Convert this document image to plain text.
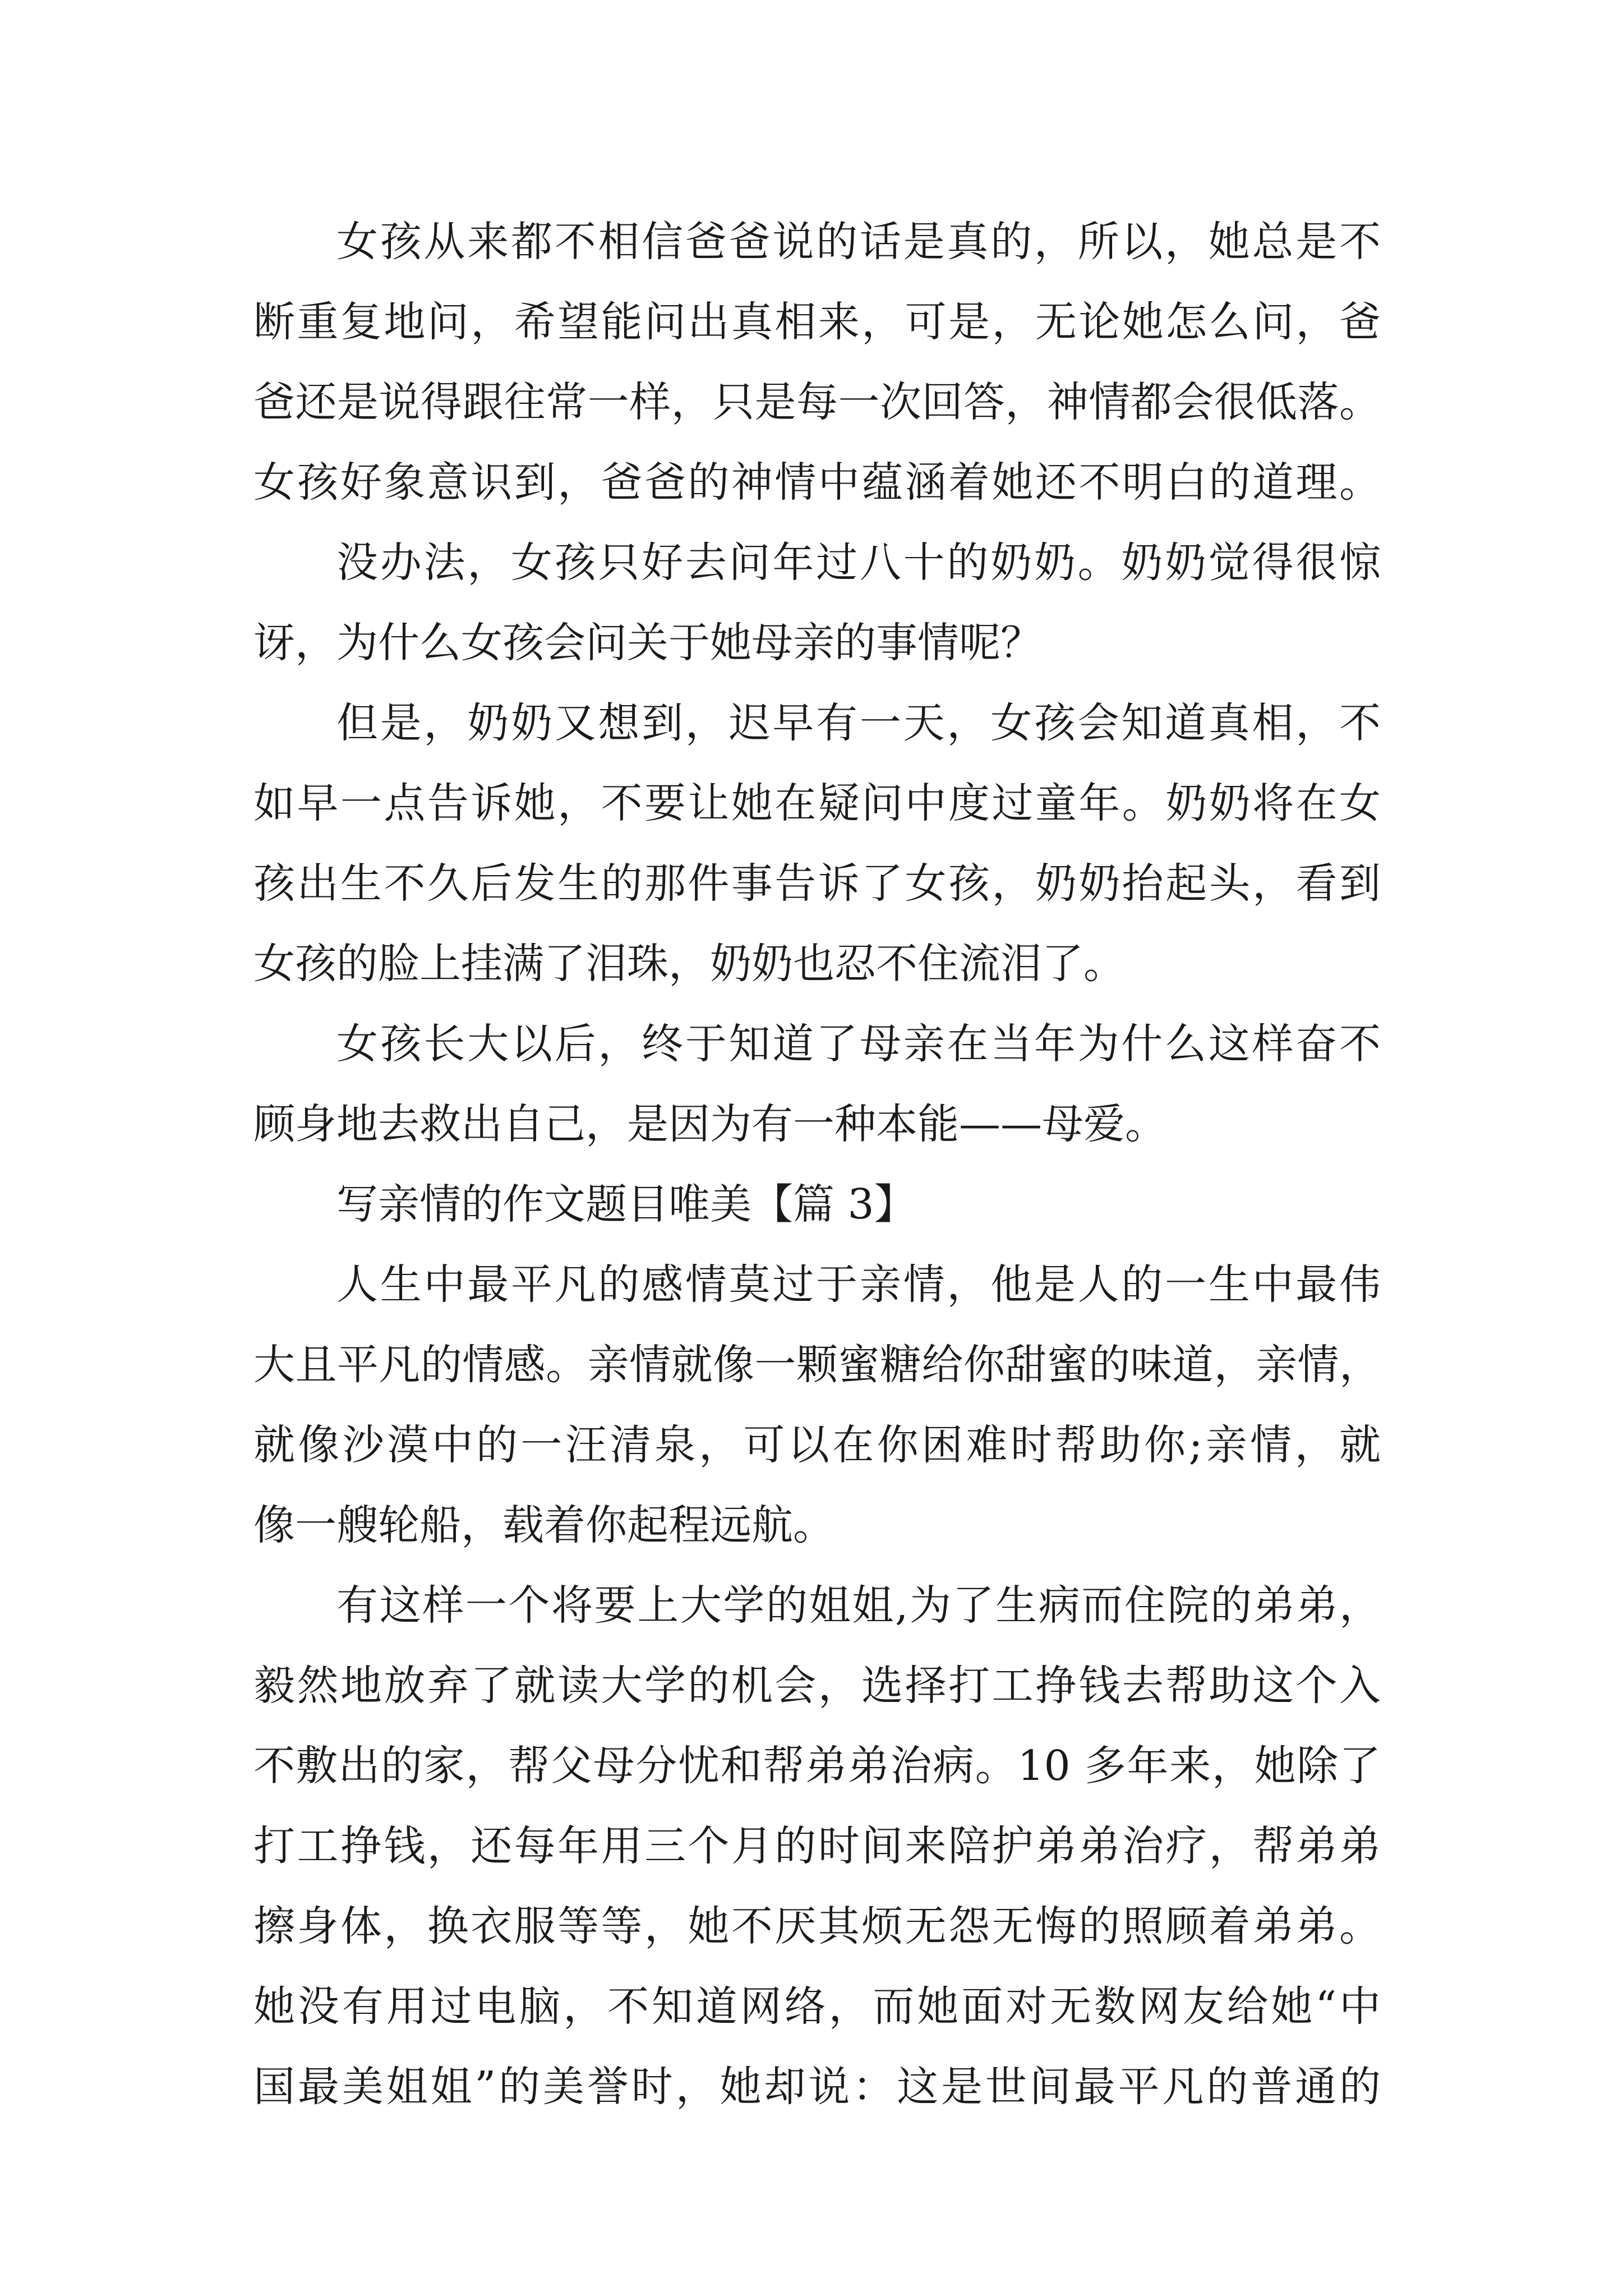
女孩从来都不相信爸爸说的话是真的，所以，她总是不
断重复地问，希望能问出真相来，可是，无论她怎么问，爸
爸还是说得跟往常一样，只是每一次回答，神情都会很低落。
女孩好象意识到，爸爸的神情中蕴涵着她还不明白的道理。
没办法，女孩只好去问年过八十的奶奶。奶奶觉得很惊
讶，为什么女孩会问关于她母亲的事情呢？
但是，奶奶又想到，迟早有一天，女孩会知道真相，不
如早一点告诉她，不要让她在疑问中度过童年。奶奶将在女
孩出生不久后发生的那件事告诉了女孩，奶奶抬起头，看到
女孩的脸上挂满了泪珠，奶奶也忍不住流泪了。
女孩长大以后，终于知道了母亲在当年为什么这样奋不
顾身地去救出自己，是因为有一种本能——母爱。
写亲情的作文题目唯美【篇 3】
人生中最平凡的感情莫过于亲情，他是人的一生中最伟
大且平凡的情感。亲情就像一颗蜜糖给你甜蜜的味道，亲情，
就像沙漠中的一汪清泉，可以在你困难时帮助你;亲情，就
像一艘轮船，载着你起程远航。
有这样一个将要上大学的姐姐,为了生病而住院的弟弟，
毅然地放弃了就读大学的机会，选择打工挣钱去帮助这个入
不敷出的家，帮父母分忧和帮弟弟治病。10 多年来，她除了
打工挣钱，还每年用三个月的时间来陪护弟弟治疗，帮弟弟
擦身体，换衣服等等，她不厌其烦无怨无悔的照顾着弟弟。
她没有用过电脑，不知道网络，而她面对无数网友给她“中
国最美姐姐”的美誉时，她却说：这是世间最平凡的普通的
